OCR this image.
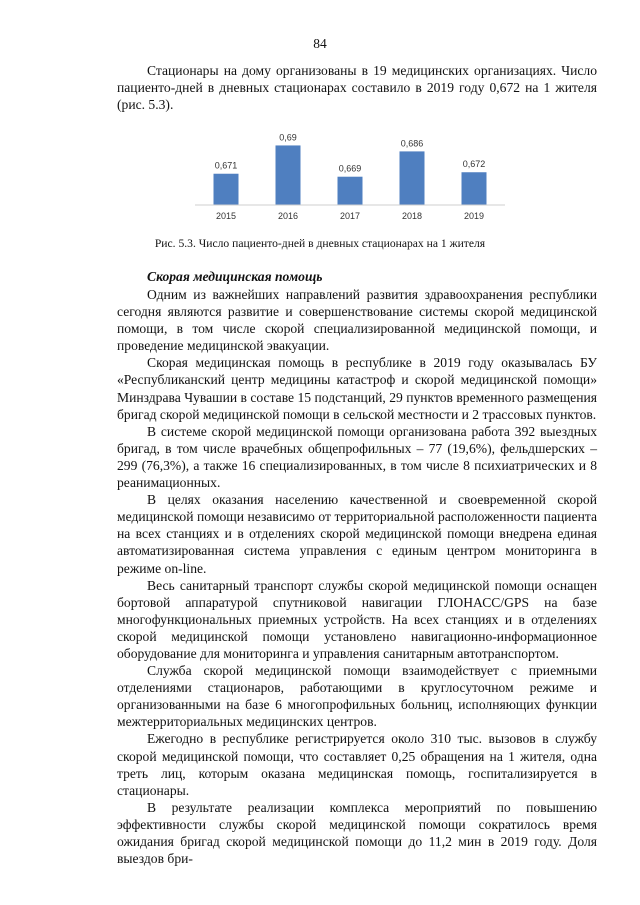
84

Стационары на дому организованы в 19 медицинских организациях. Число пациенто-дней в дневных стационарах составило в 2019 году 0,672 на 1 жителя (рис. 5.3).

0,671
2015
0,69
2016
0,669
2017
0,686
2018
0,672
2019
Рис. 5.3. Число пациенто-дней в дневных стационарах на 1 жителя
Скорая медицинская помощь

Одним из важнейших направлений развития здравоохранения республики сегодня являются развитие и совершенствование системы скорой медицинской помощи, в том числе скорой специализированной медицинской помощи, и проведение медицинской эвакуации.

Скорая медицинская помощь в республике в 2019 году оказывалась БУ «Республиканский центр медицины катастроф и скорой медицинской помощи» Минздрава Чувашии в составе 15 подстанций, 29 пунктов временного размещения бригад скорой медицинской помощи в сельской местности и 2 трассовых пунктов.

В системе скорой медицинской помощи организована работа 392 выездных бригад, в том числе врачебных общепрофильных – 77 (19,6%), фельдшерских – 299 (76,3%), а также 16 специализированных, в том числе 8 психиатрических и 8 реанимационных.

В целях оказания населению качественной и своевременной скорой медицинской помощи независимо от территориальной расположенности пациента на всех станциях и в отделениях скорой медицинской помощи внедрена единая автоматизированная система управления с единым центром мониторинга в режиме on-line.

Весь санитарный транспорт службы скорой медицинской помощи оснащен бортовой аппаратурой спутниковой навигации ГЛОНАСС/GPS на базе многофункциональных приемных устройств. На всех станциях и в отделениях скорой медицинской помощи установлено навигационно-информационное оборудование для мониторинга и управления санитарным автотранспортом.

Служба скорой медицинской помощи взаимодействует с приемными отделениями стационаров, работающими в круглосуточном режиме и организованными на базе 6 многопрофильных больниц, исполняющих функции межтерриториальных медицинских центров.

Ежегодно в республике регистрируется около 310 тыс. вызовов в службу скорой медицинской помощи, что составляет 0,25 обращения на 1 жителя, одна треть лиц, которым оказана медицинская помощь, госпитализируется в стационары.

В результате реализации комплекса мероприятий по повышению эффективности службы скорой медицинской помощи сократилось время ожидания бригад скорой медицинской помощи до 11,2 мин в 2019 году. Доля выездов бри-
